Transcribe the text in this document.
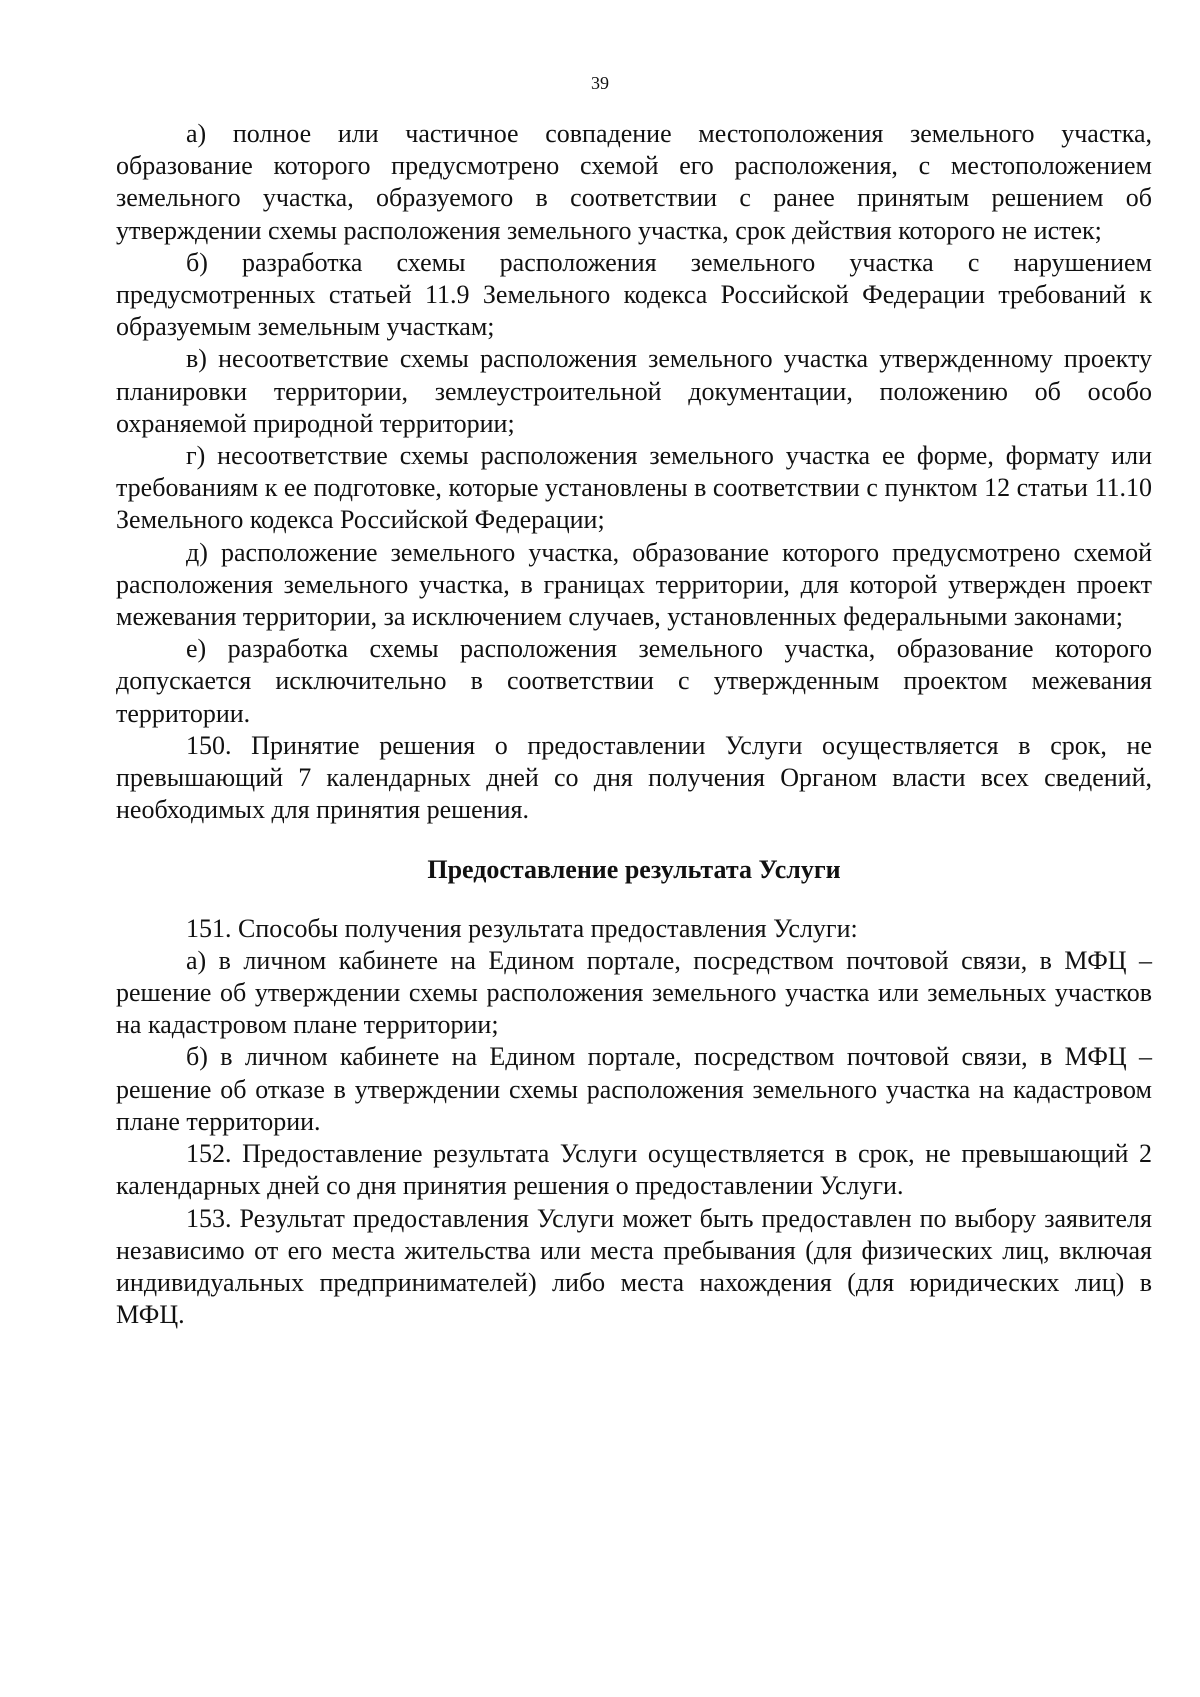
39

а) полное или частичное совпадение местоположения земельного участка, образование которого предусмотрено схемой его расположения, с местоположением земельного участка, образуемого в соответствии с ранее принятым решением об утверждении схемы расположения земельного участка, срок действия которого не истек;

б) разработка схемы расположения земельного участка с нарушением предусмотренных статьей 11.9 Земельного кодекса Российской Федерации требований к образуемым земельным участкам;

в) несоответствие схемы расположения земельного участка утвержденному проекту планировки территории, землеустроительной документации, положению об особо охраняемой природной территории;

г) несоответствие схемы расположения земельного участка ее форме, формату или требованиям к ее подготовке, которые установлены в соответствии с пунктом 12 статьи 11.10 Земельного кодекса Российской Федерации;

д) расположение земельного участка, образование которого предусмотрено схемой расположения земельного участка, в границах территории, для которой утвержден проект межевания территории, за исключением случаев, установленных федеральными законами;

е) разработка схемы расположения земельного участка, образование которого допускается исключительно в соответствии с утвержденным проектом межевания территории.

150. Принятие решения о предоставлении Услуги осуществляется в срок, не превышающий 7 календарных дней со дня получения Органом власти всех сведений, необходимых для принятия решения.

Предоставление результата Услуги

151. Способы получения результата предоставления Услуги:

а) в личном кабинете на Едином портале, посредством почтовой связи, в МФЦ – решение об утверждении схемы расположения земельного участка или земельных участков на кадастровом плане территории;

б) в личном кабинете на Едином портале, посредством почтовой связи, в МФЦ – решение об отказе в утверждении схемы расположения земельного участка на кадастровом плане территории.

152. Предоставление результата Услуги осуществляется в срок, не превышающий 2 календарных дней со дня принятия решения о предоставлении Услуги.

153. Результат предоставления Услуги может быть предоставлен по выбору заявителя независимо от его места жительства или места пребывания (для физических лиц, включая индивидуальных предпринимателей) либо места нахождения (для юридических лиц) в МФЦ.
